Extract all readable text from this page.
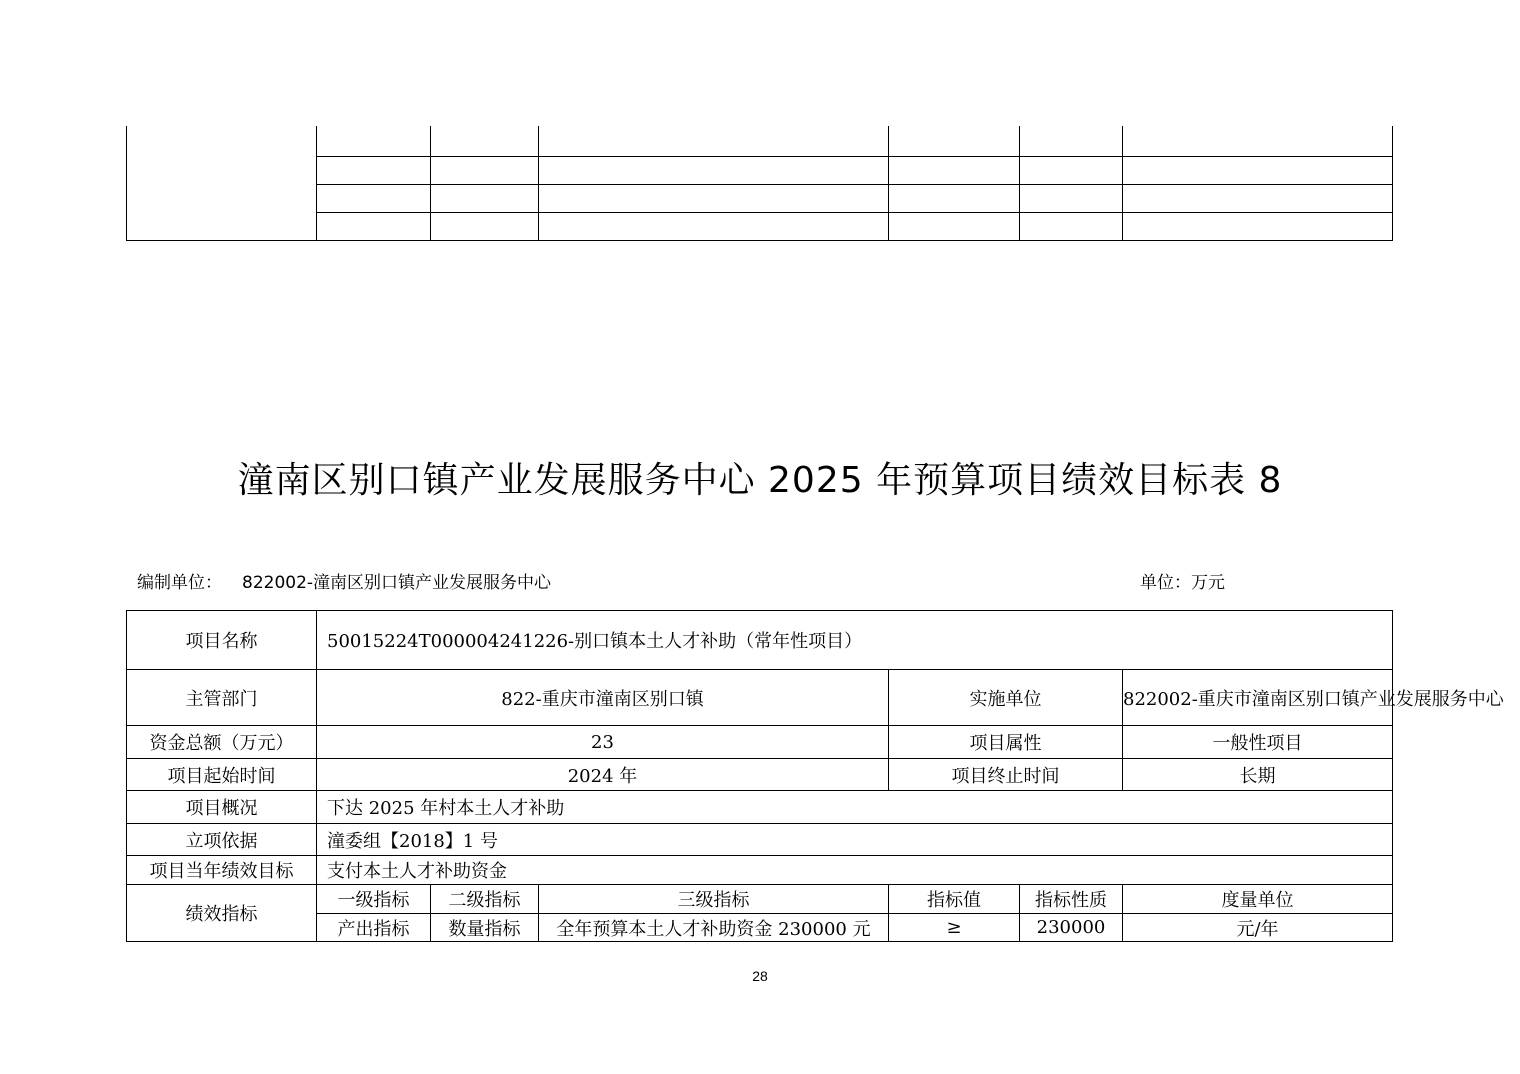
潼南区别口镇产业发展服务中心 2025 年预算项目绩效目标表 8
编制单位： 822002-潼南区别口镇产业发展服务中心	单位：万元
项目名称	50015224T000004241226-别口镇本土人才补助（常年性项目）					
主管部门	822-重庆市潼南区别口镇			实施单位		822002-重庆市潼南区别口镇产业发展服务中心
资金总额（万元）	23			项目属性		一般性项目
项目起始时间	2024 年			项目终止时间		长期
项目概况	下达 2025 年村本土人才补助					
立项依据	潼委组【2018】1 号					
项目当年绩效目标	支付本土人才补助资金					
绩效指标	一级指标	二级指标	三级指标	指标值	指标性质	度量单位
	产出指标	数量指标	全年预算本土人才补助资金 230000 元	≥	230000	元/年
28
